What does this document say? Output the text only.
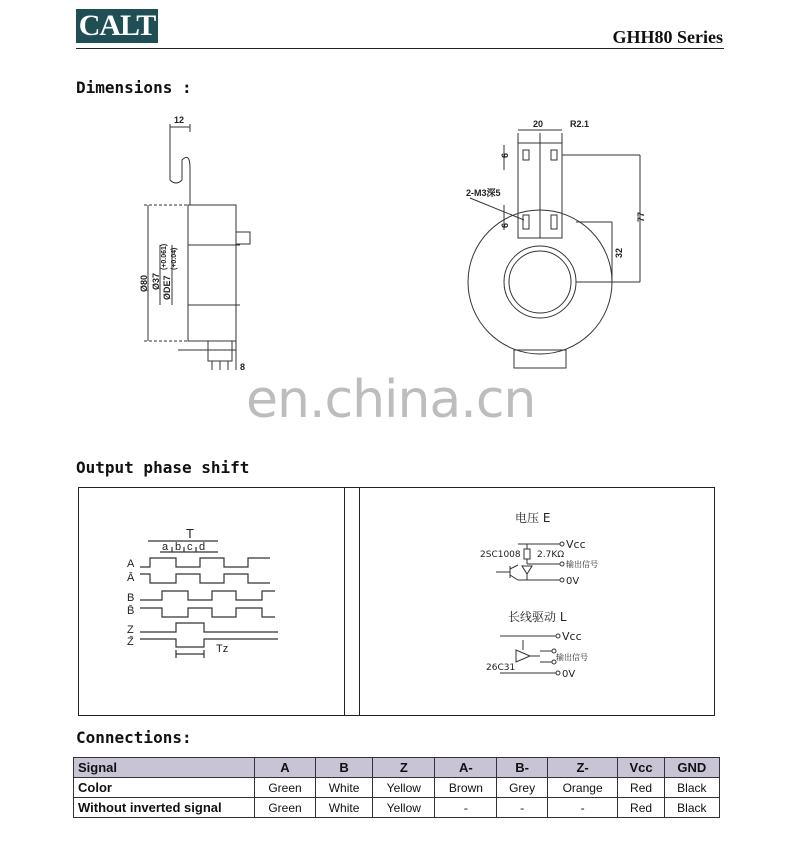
CALT	GHH80 Series
Dimensions :
12
Ø80 Ø37 ØDE7
(+0.061) (+0.04)
8
20	R2.1
6
6
2-M3深5
77
32
en.china.cn
Output phase shift
T
a b c d
A
Ā
B
B̄
Z
Z̄
Tz
电压 E
Vcc
2SC1008 2.7KΩ
输出信号
0V
长线驱动 L
Vcc
输出信号
26C31
0V
Connections:
Signal	A	B	Z	A-	B-	Z-	Vcc	GND
Color	Green	White	Yellow	Brown	Grey	Orange	Red	Black
Without inverted signal	Green	White	Yellow	-	-	-	Red	Black
